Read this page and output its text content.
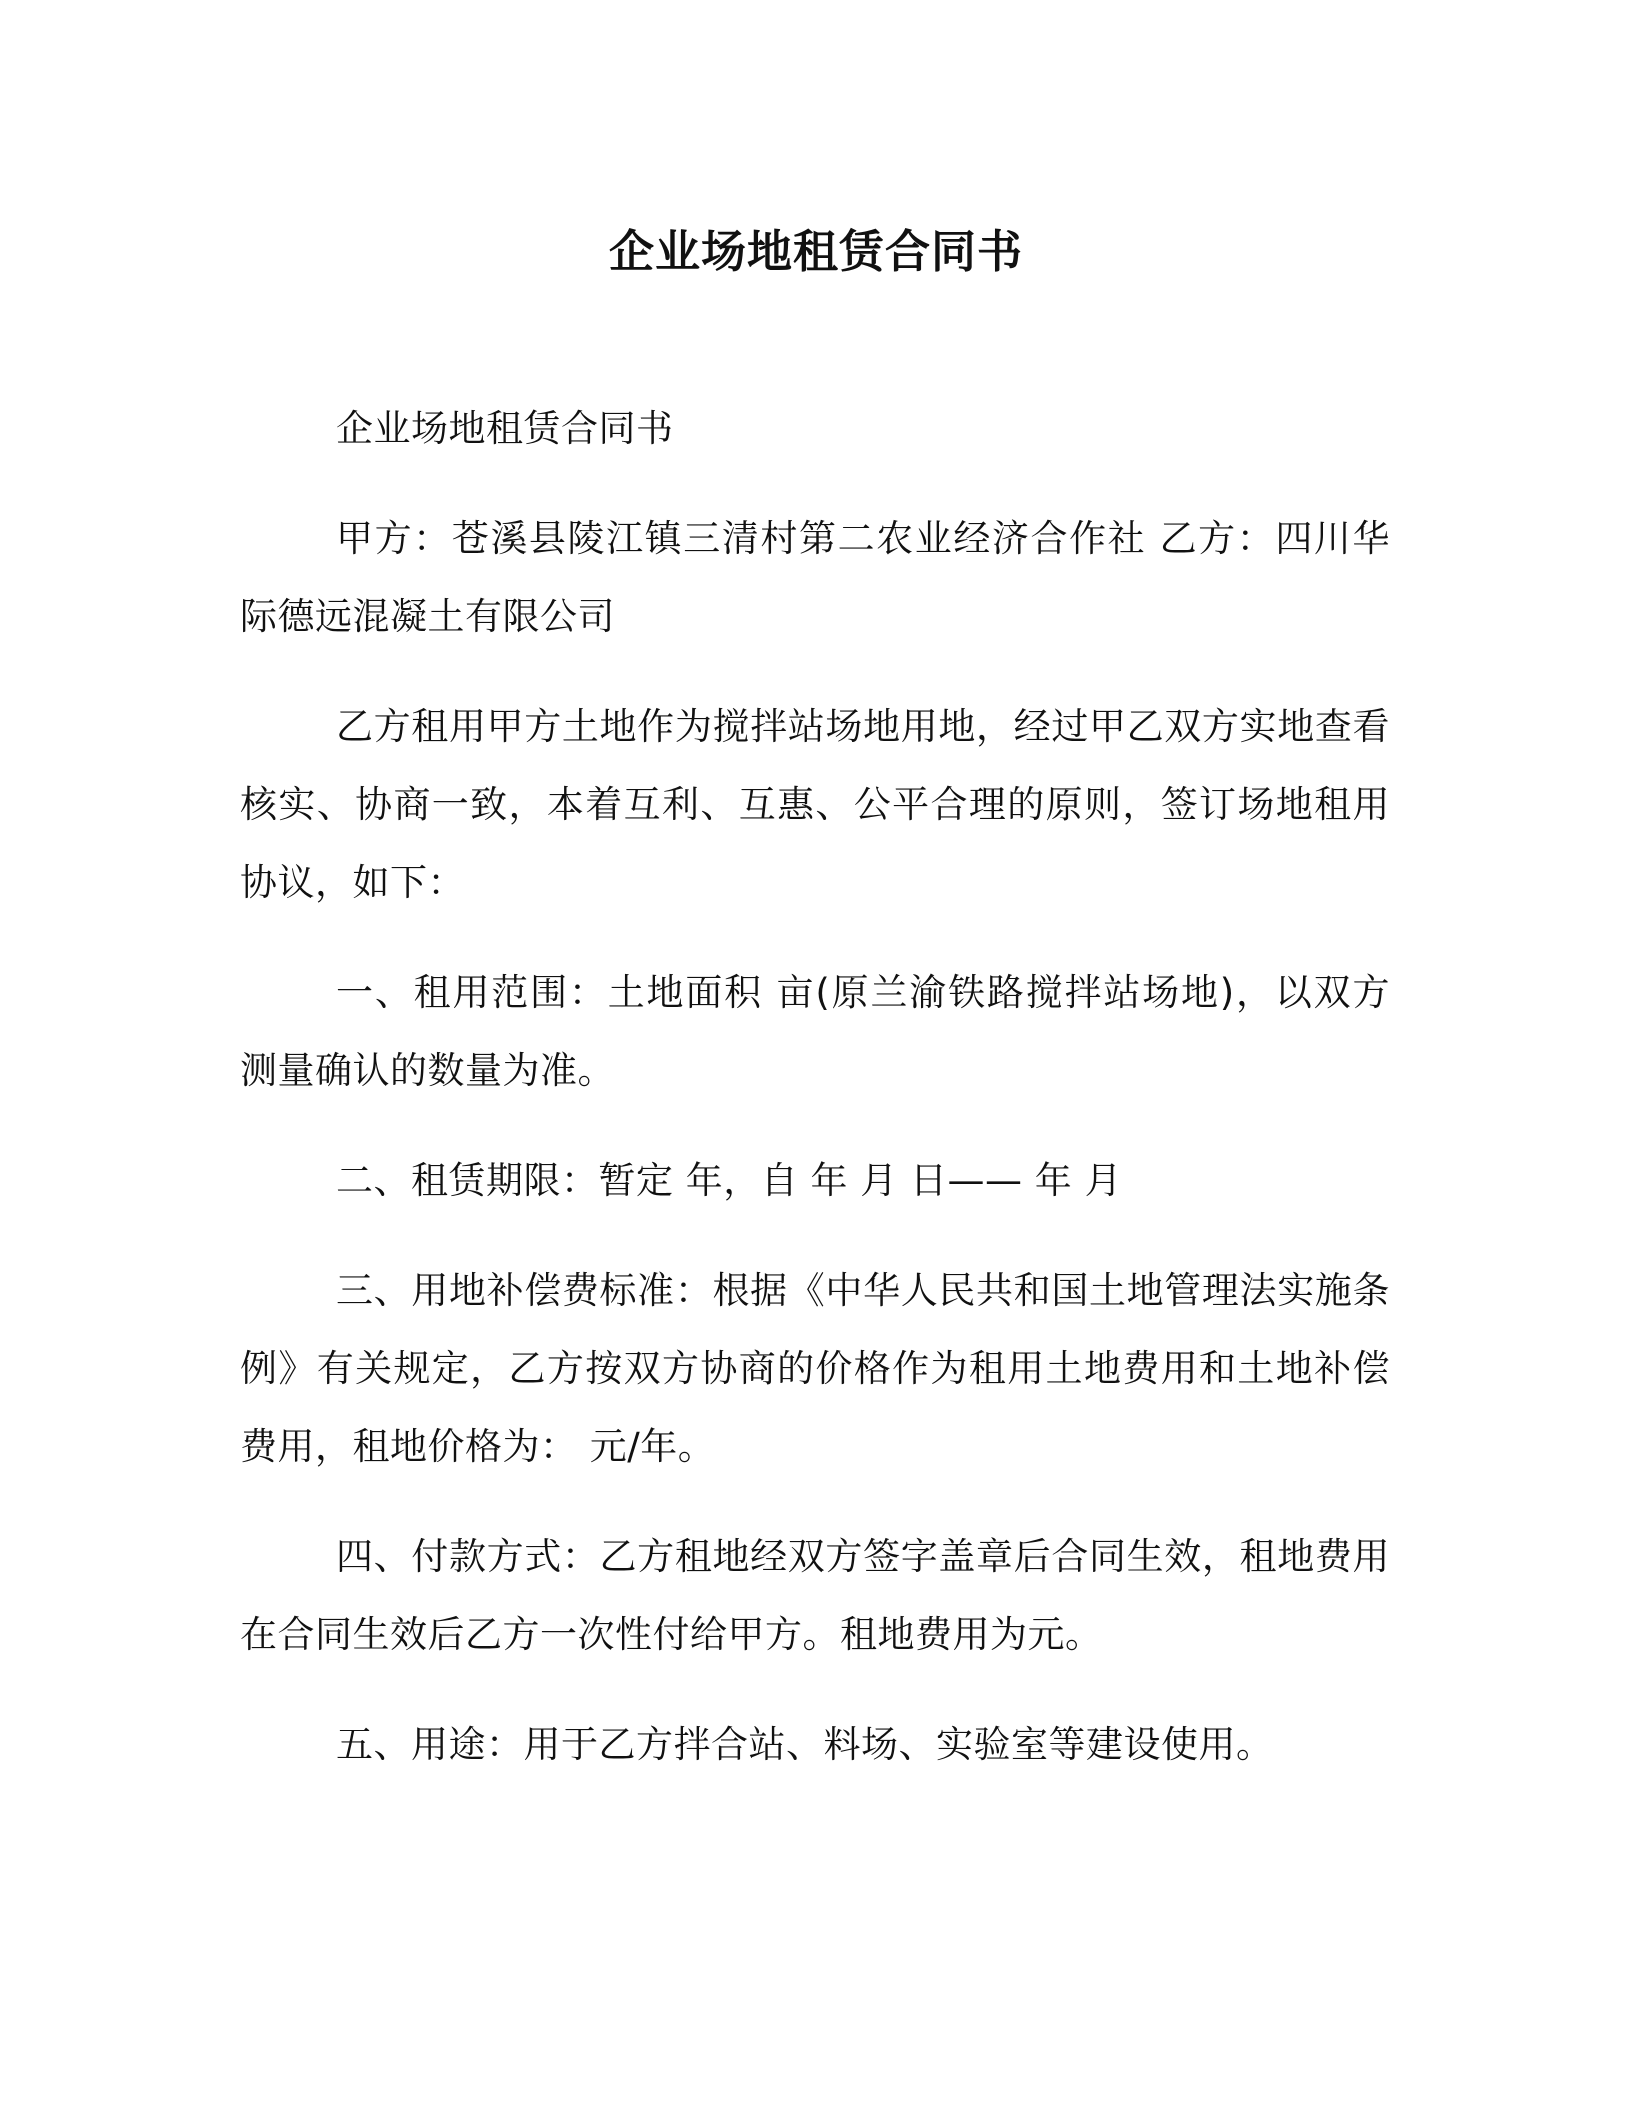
企业场地租赁合同书

企业场地租赁合同书

甲方：苍溪县陵江镇三清村第二农业经济合作社 乙方：四川华际德远混凝土有限公司

乙方租用甲方土地作为搅拌站场地用地，经过甲乙双方实地查看核实、协商一致，本着互利、互惠、公平合理的原则，签订场地租用协议，如下：

一、租用范围：土地面积 亩(原兰渝铁路搅拌站场地)，以双方测量确认的数量为准。

二、租赁期限：暂定 年，自 年 月 日—— 年 月

三、用地补偿费标准：根据《中华人民共和国土地管理法实施条例》有关规定，乙方按双方协商的价格作为租用土地费用和土地补偿费用，租地价格为： 元/年。

四、付款方式：乙方租地经双方签字盖章后合同生效，租地费用在合同生效后乙方一次性付给甲方。租地费用为元。

五、用途：用于乙方拌合站、料场、实验室等建设使用。
